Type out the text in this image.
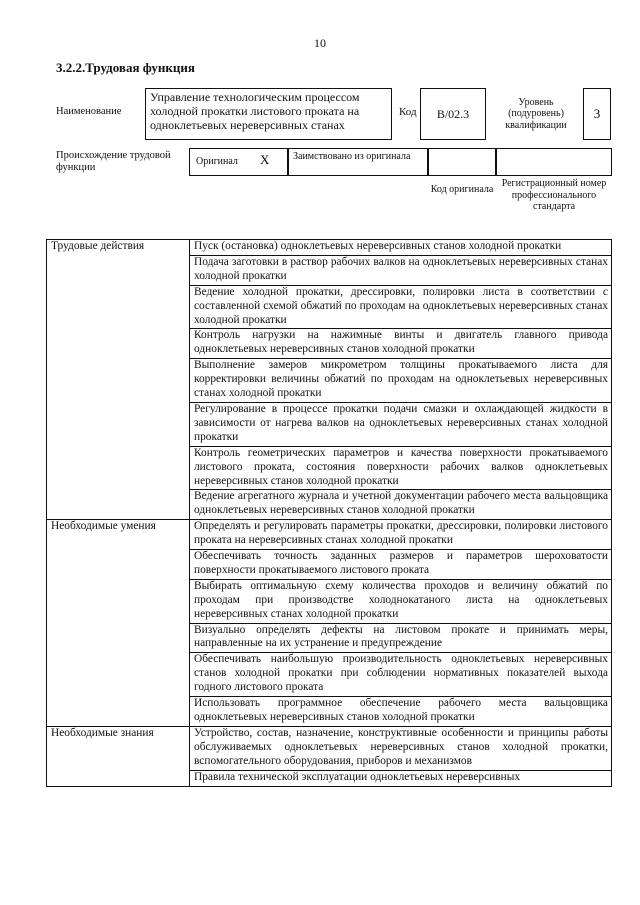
10
3.2.2.Трудовая функция
Наименование
Управление технологическим процессом холодной прокатки листового проката на одноклетьевых нереверсивных станах
Код	B/02.3
Уровень (подуровень) квалификации
3
Происхождение трудовой функции
Оригинал X	Заимствовано из оригинала
Код оригинала
Регистрационный номер профессионального стандарта
Трудовые действия	Пуск (остановка) одноклетьевых нереверсивных станов холодной прокатки
	Подача заготовки в раствор рабочих валков на одноклетьевых нереверсивных станах холодной прокатки
	Ведение холодной прокатки, дрессировки, полировки листа в соответствии с составленной схемой обжатий по проходам на одноклетьевых нереверсивных станах холодной прокатки
	Контроль нагрузки на нажимные винты и двигатель главного привода одноклетьевых нереверсивных станов холодной прокатки
	Выполнение замеров микрометром толщины прокатываемого листа для корректировки величины обжатий по проходам на одноклетьевых нереверсивных станах холодной прокатки
	Регулирование в процессе прокатки подачи смазки и охлаждающей жидкости в зависимости от нагрева валков на одноклетьевых нереверсивных станах холодной прокатки
	Контроль геометрических параметров и качества поверхности прокатываемого листового проката, состояния поверхности рабочих валков одноклетьевых нереверсивных станов холодной прокатки
	Ведение агрегатного журнала и учетной документации рабочего места вальцовщика одноклетьевых нереверсивных станов холодной прокатки
Необходимые умения	Определять и регулировать параметры прокатки, дрессировки, полировки листового проката на нереверсивных станах холодной прокатки
	Обеспечивать точность заданных размеров и параметров шероховатости поверхности прокатываемого листового проката
	Выбирать оптимальную схему количества проходов и величину обжатий по проходам при производстве холоднокатаного листа на одноклетьевых нереверсивных станах холодной прокатки
	Визуально определять дефекты на листовом прокате и принимать меры, направленные на их устранение и предупреждение
	Обеспечивать наибольшую производительность одноклетьевых нереверсивных станов холодной прокатки при соблюдении нормативных показателей выхода годного листового проката
	Использовать программное обеспечение рабочего места вальцовщика одноклетьевых нереверсивных станов холодной прокатки
Необходимые знания	Устройство, состав, назначение, конструктивные особенности и принципы работы обслуживаемых одноклетьевых нереверсивных станов холодной прокатки, вспомогательного оборудования, приборов и механизмов
	Правила технической эксплуатации одноклетьевых нереверсивных
